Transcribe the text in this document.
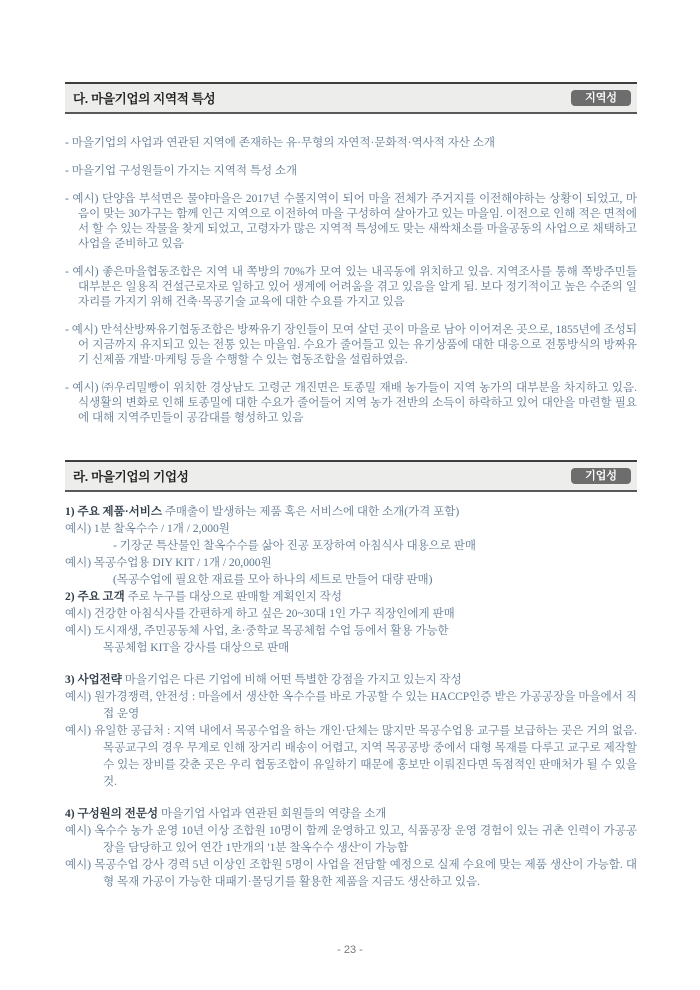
다. 마을기업의 지역적 특성	지역성
- 마을기업의 사업과 연관된 지역에 존재하는 유·무형의 자연적·문화적·역사적 자산 소개
- 마을기업 구성원들이 가지는 지역적 특성 소개
- 예시) 단양읍 부석면은 물야마을은 2017년 수몰지역이 되어 마을 전체가 주거지를 이전해야하는 상황이 되었고, 마음이 맞는 30가구는 함께 인근 지역으로 이전하여 마을 구성하여 살아가고 있는 마을임. 이전으로 인해 적은 면적에서 할 수 있는 작물을 찾게 되었고, 고령자가 많은 지역적 특성에도 맞는 새싹채소를 마을공동의 사업으로 채택하고 사업을 준비하고 있음
- 예시) 좋은마을협동조합은 지역 내 쪽방의 70%가 모여 있는 내곡동에 위치하고 있음. 지역조사를 통해 쪽방주민들 대부분은 일용직 건설근로자로 일하고 있어 생계에 어려움을 겪고 있음을 알게 됨. 보다 정기적이고 높은 수준의 일자리를 가지기 위해 건축·목공기술 교육에 대한 수요를 가지고 있음
- 예시) 만석산방짜유기협동조합은 방짜유기 장인들이 모여 살던 곳이 마을로 남아 이어져온 곳으로, 1855년에 조성되어 지금까지 유지되고 있는 전통 있는 마을임. 수요가 줄어들고 있는 유기상품에 대한 대응으로 전통방식의 방짜유기 신제품 개발·마케팅 등을 수행할 수 있는 협동조합을 설립하였음.
- 예시) ㈜우리밀빵이 위치한 경상남도 고령군 개진면은 토종밀 재배 농가들이 지역 농가의 대부분을 차지하고 있음. 식생활의 변화로 인해 토종밀에 대한 수요가 줄어들어 지역 농가 전반의 소득이 하락하고 있어 대안을 마련할 필요에 대해 지역주민들이 공감대를 형성하고 있음
라. 마을기업의 기업성	기업성
1) 주요 제품·서비스 주매출이 발생하는 제품 혹은 서비스에 대한 소개(가격 포함)
예시) 1분 찰옥수수 / 1개 / 2,000원
- 기장군 특산물인 찰옥수수를 삶아 진공 포장하여 아침식사 대용으로 판매
예시) 목공수업용 DIY KIT / 1개 / 20,000원
(목공수업에 필요한 재료를 모아 하나의 세트로 만들어 대량 판매)
2) 주요 고객 주로 누구를 대상으로 판매할 계획인지 작성
예시) 건강한 아침식사를 간편하게 하고 싶은 20~30대 1인 가구 직장인에게 판매
예시) 도시재생, 주민공동체 사업, 초·중학교 목공체험 수업 등에서 활용 가능한
목공체험 KIT을 강사를 대상으로 판매
3) 사업전략 마을기업은 다른 기업에 비해 어떤 특별한 강점을 가지고 있는지 작성
예시) 원가경쟁력, 안전성 : 마을에서 생산한 옥수수를 바로 가공할 수 있는 HACCP인증 받은 가공공장을 마을에서 직접 운영
예시) 유일한 공급처 : 지역 내에서 목공수업을 하는 개인·단체는 많지만 목공수업용 교구를 보급하는 곳은 거의 없음. 목공교구의 경우 무게로 인해 장거리 배송이 어렵고, 지역 목공공방 중에서 대형 목재를 다루고 교구로 제작할 수 있는 장비를 갖춘 곳은 우리 협동조합이 유일하기 때문에 홍보만 이뤄진다면 독점적인 판매처가 될 수 있을 것.
4) 구성원의 전문성 마을기업 사업과 연관된 회원들의 역량을 소개
예시) 옥수수 농가 운영 10년 이상 조합원 10명이 함께 운영하고 있고, 식품공장 운영 경험이 있는 귀촌 인력이 가공공장을 담당하고 있어 연간 1만개의 '1분 찰옥수수 생산'이 가능함
예시) 목공수업 강사 경력 5년 이상인 조합원 5명이 사업을 전담할 예정으로 실제 수요에 맞는 제품 생산이 가능함. 대형 목재 가공이 가능한 대패기·몰딩기를 활용한 제품을 지금도 생산하고 있음.
- 23 -
